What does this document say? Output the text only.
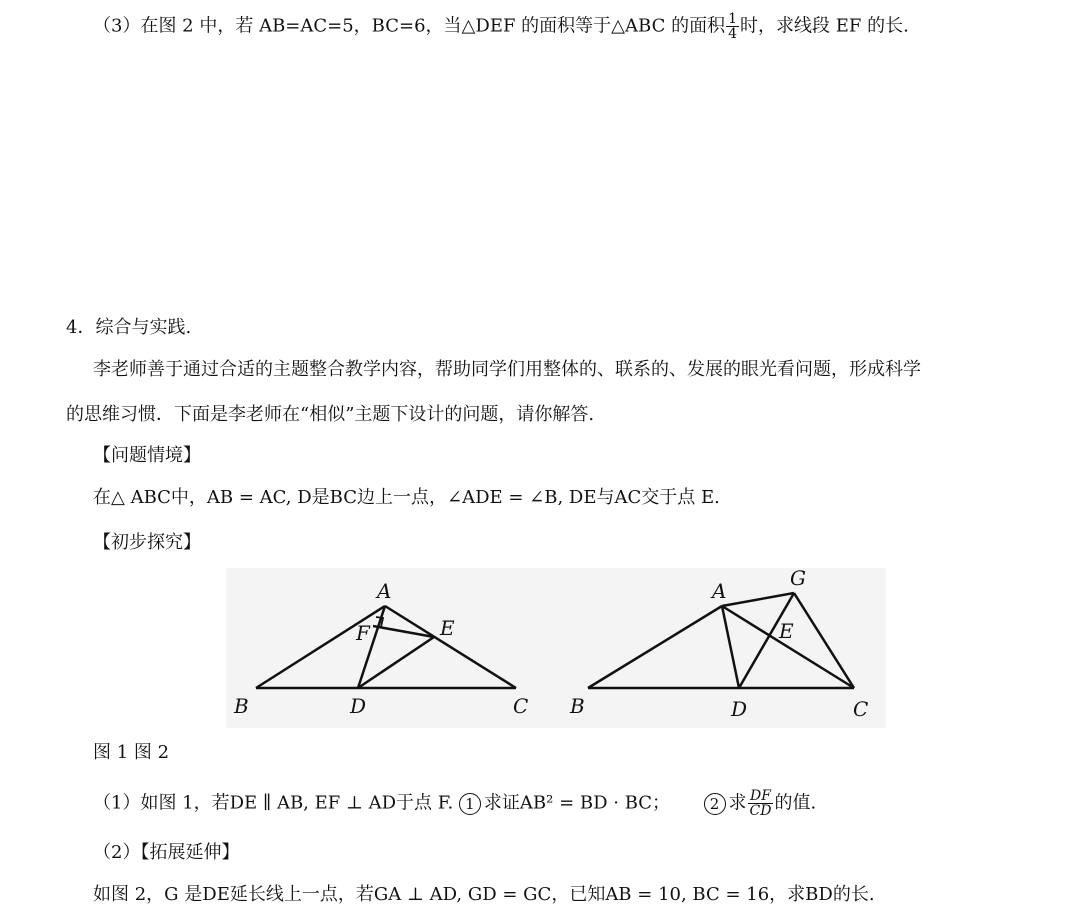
（3）在图 2 中，若 AB=AC=5，BC=6，当△DEF 的面积等于△ABC 的面积 $\frac{1}{4}$ 时，求线段 EF 的长.
4．综合与实践.
李老师善于通过合适的主题整合教学内容，帮助同学们用整体的、联系的、发展的眼光看问题，形成科学
的思维习惯．下面是李老师在“相似”主题下设计的问题，请你解答.
【问题情境】
在△ ABC中，AB = AC, D是BC边上一点，∠ADE = ∠B, DE与AC交于点 E.
【初步探究】
A
B	C
D
E
F
A
B	C
D
E
G
图 1 图 2
（1）如图 1，若DE ∥ AB, EF ⊥ AD于点 F. 1 求证AB² = BD · BC；	2 求 $\frac{DF}{CD}$ 的值.
（2）【拓展延伸】
如图 2，G 是DE延长线上一点，若GA ⊥ AD, GD = GC，已知AB = 10, BC = 16，求BD的长.
